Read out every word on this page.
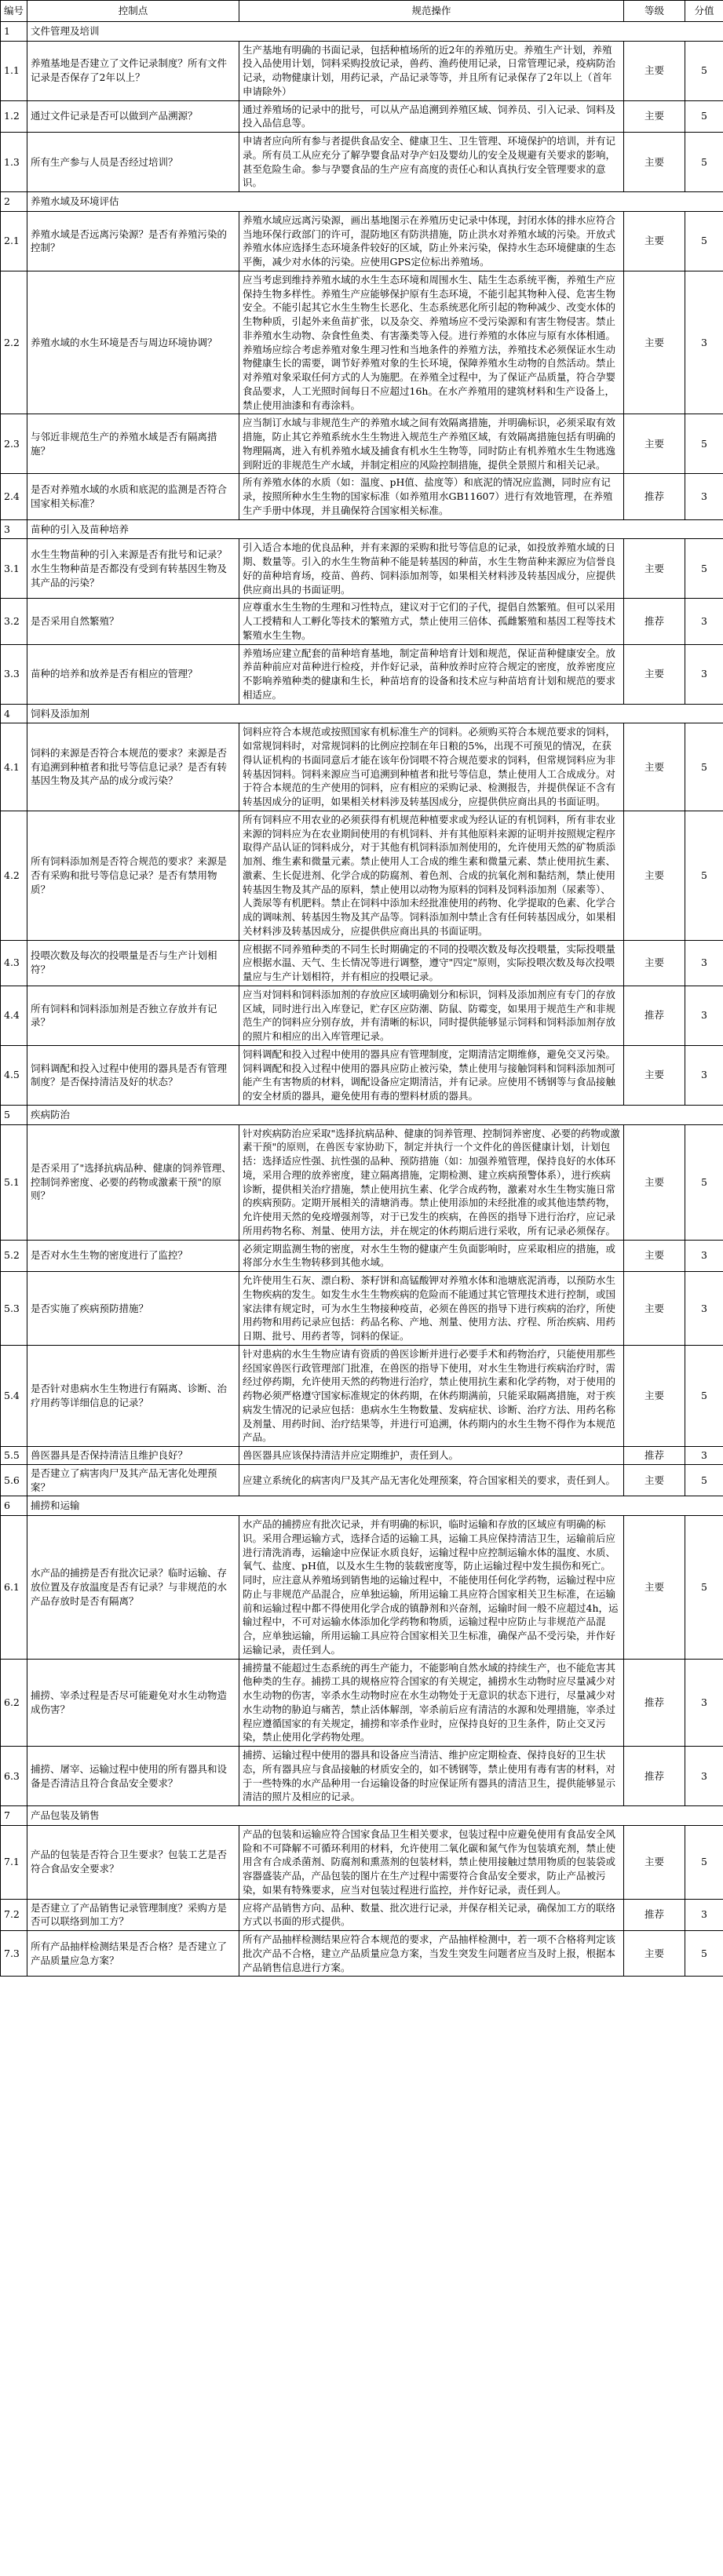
编号	控制点	规范操作	等级	分值
1	文件管理及培训			
1.1	养殖基地是否建立了文件记录制度？所有文件记录是否保存了2年以上？	生产基地有明确的书面记录，包括种植场所的近2年的养殖历史。养殖生产计划，养殖投入品使用计划，饲料采购投放记录，兽药、渔药使用记录，日常管理记录，疫病防治记录，动物健康计划，用药记录，产品记录等等，并且所有记录保存了2年以上（首年申请除外）	主要	5
1.2	通过文件记录是否可以做到产品溯源？	通过养殖场的记录中的批号，可以从产品追溯到养殖区域、饲养员、引入记录、饲料及投入品信息等。	主要	5
1.3	所有生产参与人员是否经过培训？	申请者应向所有参与者提供食品安全、健康卫生、卫生管理、环境保护的培训，并有记录。所有员工从应充分了解孕婴食品对孕产妇及婴幼儿的安全及规避有关要求的影响，甚至危险生命。参与孕婴食品的生产应有高度的责任心和认真执行安全管理要求的意识。	主要	5
2	养殖水域及环境评估			
2.1	养殖水域是否远离污染源？是否有养殖污染的控制？	养殖水域应远离污染源，画出基地图示在养殖历史记录中体现，封闭水体的排水应符合当地环保行政部门的许可，混防地区有防洪措施，防止洪水对养殖水域的污染。开放式养殖水体应选择生态环境条件较好的区域，防止外来污染，保持水生态环境健康的生态平衡，减少对水体的污染。应使用GPS定位标出养殖场。	主要	5
2.2	养殖水域的水生环境是否与周边环境协调？	应当考虑到维持养殖水域的水生生态环境和周围水生、陆生生态系统平衡，养殖生产应保持生物多样性。养殖生产应能够保护原有生态环境，不能引起其物种入侵、危害生物安全。不能引起其它水生生物生长恶化、生态系统恶化所引起的物种减少、改变水体的生物种质，引起外来鱼苗扩张，以及杂交、养殖场应不受污染源和有害生物侵害。禁止非养殖水生动物、杂食性鱼类、有害藻类等入侵。进行养殖的水体应与原有水体相通。养殖场应综合考虑养殖对象生理习性和当地条件的养殖方法，养殖技术必须保证水生动物健康生长的需要，调节好养殖对象的生长环境，保障养殖水生动物的自然活动。禁止对养殖对象采取任何方式的人为施肥。在养殖全过程中，为了保证产品质量，符合孕婴食品要求，人工光照时间每日不应超过16h。在水产养殖用的建筑材料和生产设备上，禁止使用油漆和有毒涂料。	主要	3
2.3	与邻近非规范生产的养殖水域是否有隔离措施？	应当制订水域与非规范生产的养殖水域之间有效隔离措施，并明确标识，必须采取有效措施，防止其它养殖系统水生生物进入规范生产养殖区域，有效隔离措施包括有明确的物理隔离，进入有机养殖水域及捕食有机水生生物等，同时防止有机养殖水生生物逃逸到附近的非规范生产水域，并制定相应的风险控制措施，提供全景照片和相关记录。	主要	5
2.4	是否对养殖水域的水质和底泥的监测是否符合国家相关标准？	所有养殖水体的水质（如：温度、pH值、盐度等）和底泥的情况应监测，同时应有记录，按照所种水生生物的国家标准（如养殖用水GB11607）进行有效地管理，在养殖生产手册中体现，并且确保符合国家相关标准。	推荐	3
3	苗种的引入及苗种培养			
3.1	水生生物苗种的引入来源是否有批号和记录？水生生物种苗是否都没有受到有转基因生物及其产品的污染？	引入适合本地的优良品种，并有来源的采购和批号等信息的记录，如投放养殖水域的日期、数量等。引入的水生生物苗种不能是转基因的种苗，水生生物苗种来源应为信誉良好的苗种培育场，疫苗、兽药、饲料添加剂等，如果相关材料涉及转基因成分，应提供供应商出具的书面证明。	主要	5
3.2	是否采用自然繁殖？	应尊重水生生物的生理和习性特点，建议对于它们的子代，提倡自然繁殖。但可以采用人工授精和人工孵化等技术的繁殖方式，禁止使用三倍体、孤雌繁殖和基因工程等技术繁殖水生生物。	推荐	3
3.3	苗种的培养和放养是否有相应的管理？	养殖场应建立配套的苗种培育基地，制定苗种培育计划和规范，保证苗种健康安全。放养苗种前应对苗种进行检疫，并作好记录，苗种放养时应符合规定的密度，放养密度应不影响养殖种类的健康和生长，种苗培育的设备和技术应与种苗培育计划和规范的要求相适应。	主要	3
4	饲料及添加剂			
4.1	饲料的来源是否符合本规范的要求？来源是否有追溯到种植者和批号等信息记录？是否有转基因生物及其产品的成分或污染？	饲料应符合本规范或按照国家有机标准生产的饲料。必须购买符合本规范要求的饲料，如常规饲料时，对常规饲料的比例应控制在年日粮的5%，出现不可预见的情况，在获得认证机构的书面同意后才能在该年份饲喂不符合规范要求的饲料，但常规饲料应为非转基因饲料。饲料来源应当可追溯到种植者和批号等信息，禁止使用人工合成成分。对于符合本规范的生产使用的饲料，应有相应的采购记录、检测报告，并提供保证不含有转基因成分的证明，如果相关材料涉及转基因成分，应提供供应商出具的书面证明。	主要	5
4.2	所有饲料添加剂是否符合规范的要求？来源是否有采购和批号等信息记录？是否有禁用物质？	所有饲料应不用农业的必须获得有机规范种植要求或为经认证的有机饲料，所有非农业来源的饲料应为在农业期间使用的有机饲料、并有其他原料来源的证明并按照规定程序取得产品认证的饲料成分，对于其他有机饲料添加剂使用的，允许使用天然的矿物质添加剂、维生素和微量元素。禁止使用人工合成的维生素和微量元素、禁止使用抗生素、激素、生长促进剂、化学合成的防腐剂、着色剂、合成的抗氧化剂和黏结剂，禁止使用转基因生物及其产品的原料，禁止使用以动物为原料的饲料及饲料添加剂（尿素等）、人粪尿等有机肥料。禁止在饲料中添加未经批准使用的药物、化学提取的色素、化学合成的调味剂、转基因生物及其产品等。饲料添加剂中禁止含有任何转基因成分，如果相关材料涉及转基因成分，应提供供应商出具的书面证明。	主要	5
4.3	投喂次数及每次的投喂量是否与生产计划相符？	应根据不同养殖种类的不同生长时期确定的不同的投喂次数及每次投喂量，实际投喂量应根据水温、天气、生长情况等进行调整，遵守"四定"原则，实际投喂次数及每次投喂量应与生产计划相符，并有相应的投喂记录。	主要	3
4.4	所有饲料和饲料添加剂是否独立存放并有记录？	应当对饲料和饲料添加剂的存放应区域明确划分和标识，饲料及添加剂应有专门的存放区域，同时进行出入库登记，贮存区应防潮、防鼠、防霉变，如果用于规范生产和非规范生产的饲料应分别存放，并有清晰的标识，同时提供能够显示饲料和饲料添加剂存放的照片和相应的出入库管理记录。	推荐	3
4.5	饲料调配和投入过程中使用的器具是否有管理制度？是否保持清洁及好的状态？	饲料调配和投入过程中使用的器具应有管理制度，定期清洁定期维修，避免交叉污染。饲料调配和投入过程中使用的器具应防止被污染，禁止使用与接触饲料和饲料添加剂可能产生有害物质的材料，调配设备应定期清洁，并有记录。应使用不锈钢等与食品接触的安全材质的器具，避免使用有毒的塑料材质的器具。	主要	3
5	疾病防治			
5.1	是否采用了"选择抗病品种、健康的饲养管理、控制饲养密度、必要的药物或激素干预"的原则？	针对疾病防治应采取"选择抗病品种、健康的饲养管理、控制饲养密度、必要的药物或激素干预"的原则，在兽医专家协助下，制定并执行一个文件化的兽医健康计划，计划包括：选择适应性强、抗性强的品种、预防措施（如：加强养殖管理，保持良好的水体环境，采用合理的放养密度，建立隔离措施，定期检测、建立疾病预警体系），进行疾病诊断，提供相关治疗措施，禁止使用抗生素、化学合成药物，激素对水生生物实施日常的疾病预防。定期开展相关的清塘消毒。禁止使用添加的未经批准的或其他违禁药物，允许使用天然的免疫增强剂等，对于已发生的疾病，在兽医的指导下进行治疗，应记录所用药物名称、剂量、使用方法，并在规定的休药期后进行采收，所有记录必须保存。	主要	5
5.2	是否对水生生物的密度进行了监控？	必须定期监测生物的密度，对水生生物的健康产生负面影响时，应采取相应的措施，或将部分水生生物转移到其他水域。	主要	3
5.3	是否实施了疾病预防措施？	允许使用生石灰、漂白粉、茶籽饼和高锰酸钾对养殖水体和池塘底泥消毒，以预防水生生物疾病的发生。如发生水生生物疾病的危险而不能通过其它管理技术进行控制，或国家法律有规定时，可为水生生物接种疫苗，必须在兽医的指导下进行疾病的治疗，所使用药物和用药记录应包括：药品名称、产地、剂量、使用方法、疗程、所治疾病、用药日期、批号、用药者等，饲料的保证。	主要	3
5.4	是否针对患病水生生物进行有隔离、诊断、治疗用药等详细信息的记录？	针对患病的水生生物应请有资质的兽医诊断并进行必要手术和药物治疗，只能使用那些经国家兽医行政管理部门批准，在兽医的指导下使用，对水生生物进行疾病治疗时，需经过停药期，允许使用天然的药物进行治疗，禁止使用抗生素和化学药物，对于使用的药物必须严格遵守国家标准规定的休药期，在休药期满前，只能采取隔离措施，对于疾病发生情况的记录应包括：患病水生生物数量、发病症状、诊断、治疗方法、用药名称及剂量、用药时间、治疗结果等，并进行可追溯，休药期内的水生生物不得作为本规范产品。	主要	5
5.5	兽医器具是否保持清洁且维护良好？	兽医器具应该保持清洁并应定期维护，责任到人。	推荐	3
5.6	是否建立了病害肉尸及其产品无害化处理预案？	应建立系统化的病害肉尸及其产品无害化处理预案，符合国家相关的要求，责任到人。	主要	5
6	捕捞和运输			
6.1	水产品的捕捞是否有批次记录？临时运输、存放位置及存放温度是否有记录？与非规范的水产品存放时是否有隔离？	水产品的捕捞应有批次记录，并有明确的标识，临时运输和存放的区域应有明确的标识。采用合理运输方式，选择合适的运输工具，运输工具应保持清洁卫生，运输前后应进行清洗消毒，运输途中应保证水质良好，运输过程中应控制运输水体的温度、水质、氧气、盐度、pH值，以及水生生物的装载密度等，防止运输过程中发生损伤和死亡。同时，应注意从养殖场到销售地的运输过程中，不能使用任何化学药物，运输过程中应防止与非规范产品混合，应单独运输，所用运输工具应符合国家相关卫生标准，在运输前和运输过程中都不得使用化学合成的镇静剂和兴奋剂，运输时间一般不应超过4h，运输过程中，不可对运输水体添加化学药物和物质，运输过程中应防止与非规范产品混合，应单独运输，所用运输工具应符合国家相关卫生标准，确保产品不受污染，并作好运输记录，责任到人。	主要	5
6.2	捕捞、宰杀过程是否尽可能避免对水生动物造成伤害？	捕捞量不能超过生态系统的再生产能力，不能影响自然水域的持续生产，也不能危害其他种类的生存。捕捞工具的规格应符合国家的有关规定，捕捞水生动物时应尽量减少对水生动物的伤害，宰杀水生动物时应在水生动物处于无意识的状态下进行，尽量减少对水生动物的胁迫与痛苦，禁止活体解剖，宰杀前后应有清洁的水源和处理措施，宰杀过程应遵循国家的有关规定，捕捞和宰杀作业时，应保持良好的卫生条件，防止交叉污染，禁止使用化学药物处理。	推荐	3
6.3	捕捞、屠宰、运输过程中使用的所有器具和设备是否清洁且符合食品安全要求？	捕捞、运输过程中使用的器具和设备应当清洁、维护应定期检查、保持良好的卫生状态，所有器具应与食品接触的材质安全的，如不锈钢等，禁止使用有毒有害的材料，对于一些特殊的水产品种用一台运输设备的时应保证所有器具的清洁卫生，提供能够显示清洁的照片及相应的记录。	推荐	3
7	产品包装及销售			
7.1	产品的包装是否符合卫生要求？包装工艺是否符合食品安全要求？	产品的包装和运输应符合国家食品卫生相关要求，包装过程中应避免使用有食品安全风险和不可降解不可循环利用的材料，允许使用二氧化碳和氮气作为包装填充剂，禁止使用含有合成杀菌剂、防腐剂和熏蒸剂的包装材料，禁止使用接触过禁用物质的包装袋或容器盛装产品，产品包装的图片在生产过程中需要符合食品安全要求，防止产品被污染，如果有特殊要求，应当对包装过程进行监控，并作好记录，责任到人。	主要	5
7.2	是否建立了产品销售记录管理制度？采购方是否可以联络到加工方？	应将产品销售方向、品种、数量、批次进行记录，并保存相关记录，确保加工方的联络方式以书面的形式提供。	推荐	3
7.3	所有产品抽样检测结果是否合格？是否建立了产品质量应急方案？	所有产品抽样检测结果应符合本规范的要求，产品抽样检测中，若一项不合格将判定该批次产品不合格，建立产品质量应急方案，当发生突发生问题者应当及时上报，根据本产品销售信息进行方案。	主要	5
